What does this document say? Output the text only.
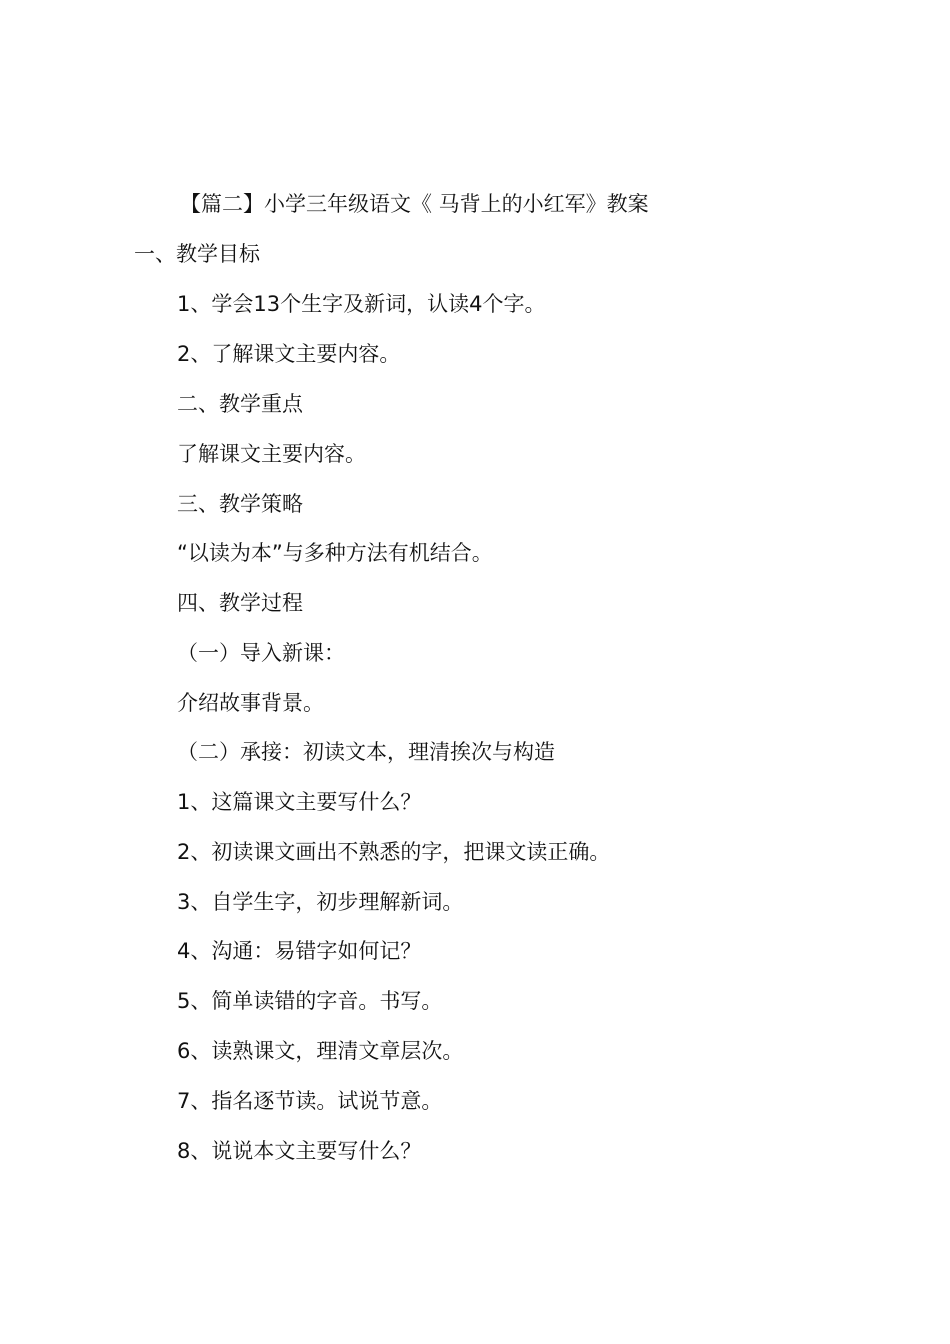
【篇二】小学三年级语文《 马背上的小红军》教案
一、教学目标
1、学会13个生字及新词，认读4个字。
2、了解课文主要内容。
二、教学重点
了解课文主要内容。
三、教学策略
“以读为本”与多种方法有机结合。
四、教学过程
（一）导入新课：
介绍故事背景。
（二）承接：初读文本，理清挨次与构造
1、这篇课文主要写什么？
2、初读课文画出不熟悉的字，把课文读正确。
3、自学生字，初步理解新词。
4、沟通：易错字如何记？
5、简单读错的字音。书写。
6、读熟课文，理清文章层次。
7、指名逐节读。试说节意。
8、说说本文主要写什么？
